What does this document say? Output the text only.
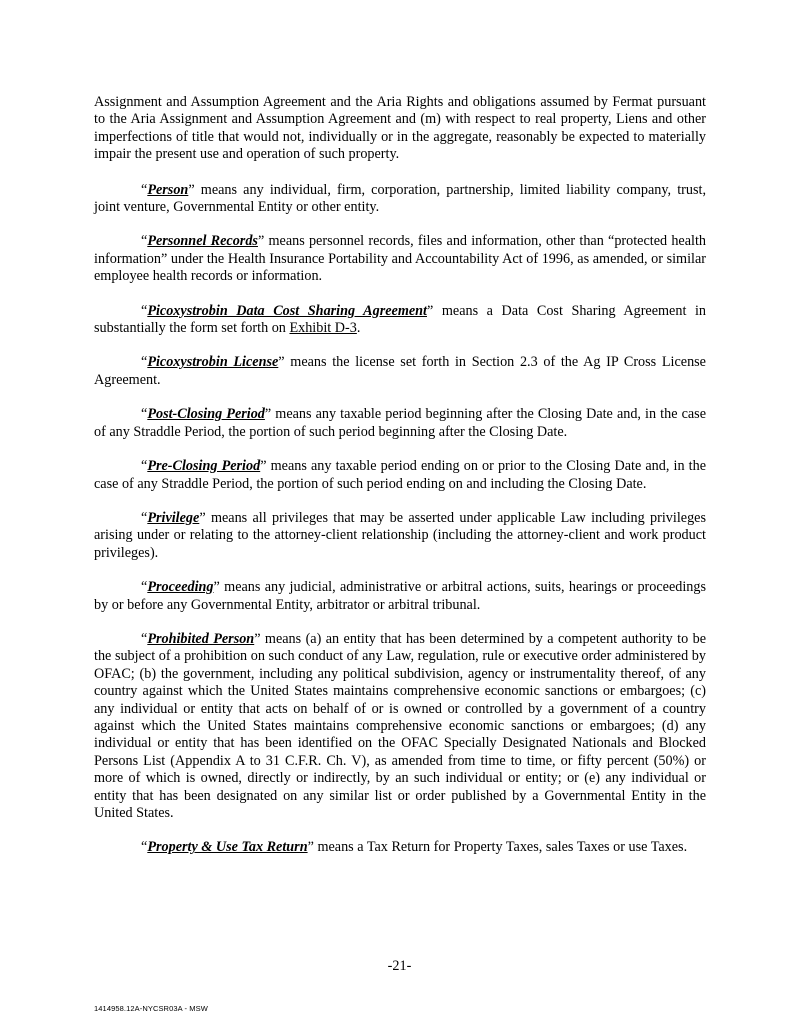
Assignment and Assumption Agreement and the Aria Rights and obligations assumed by Fermat pursuant to the Aria Assignment and Assumption Agreement and (m) with respect to real property, Liens and other imperfections of title that would not, individually or in the aggregate, reasonably be expected to materially impair the present use and operation of such property.

“Person” means any individual, firm, corporation, partnership, limited liability company, trust, joint venture, Governmental Entity or other entity.

“Personnel Records” means personnel records, files and information, other than “protected health information” under the Health Insurance Portability and Accountability Act of 1996, as amended, or similar employee health records or information.

“Picoxystrobin Data Cost Sharing Agreement” means a Data Cost Sharing Agreement in substantially the form set forth on Exhibit D-3.

“Picoxystrobin License” means the license set forth in Section 2.3 of the Ag IP Cross License Agreement.

“Post-Closing Period” means any taxable period beginning after the Closing Date and, in the case of any Straddle Period, the portion of such period beginning after the Closing Date.

“Pre-Closing Period” means any taxable period ending on or prior to the Closing Date and, in the case of any Straddle Period, the portion of such period ending on and including the Closing Date.

“Privilege” means all privileges that may be asserted under applicable Law including privileges arising under or relating to the attorney-client relationship (including the attorney-client and work product privileges).

“Proceeding” means any judicial, administrative or arbitral actions, suits, hearings or proceedings by or before any Governmental Entity, arbitrator or arbitral tribunal.

“Prohibited Person” means (a) an entity that has been determined by a competent authority to be the subject of a prohibition on such conduct of any Law, regulation, rule or executive order administered by OFAC; (b) the government, including any political subdivision, agency or instrumentality thereof, of any country against which the United States maintains comprehensive economic sanctions or embargoes; (c) any individual or entity that acts on behalf of or is owned or controlled by a government of a country against which the United States maintains comprehensive economic sanctions or embargoes; (d) any individual or entity that has been identified on the OFAC Specially Designated Nationals and Blocked Persons List (Appendix A to 31 C.F.R. Ch. V), as amended from time to time, or fifty percent (50%) or more of which is owned, directly or indirectly, by an such individual or entity; or (e) any individual or entity that has been designated on any similar list or order published by a Governmental Entity in the United States.

“Property & Use Tax Return” means a Tax Return for Property Taxes, sales Taxes or use Taxes.

-21-
1414958.12A-NYCSR03A - MSW
